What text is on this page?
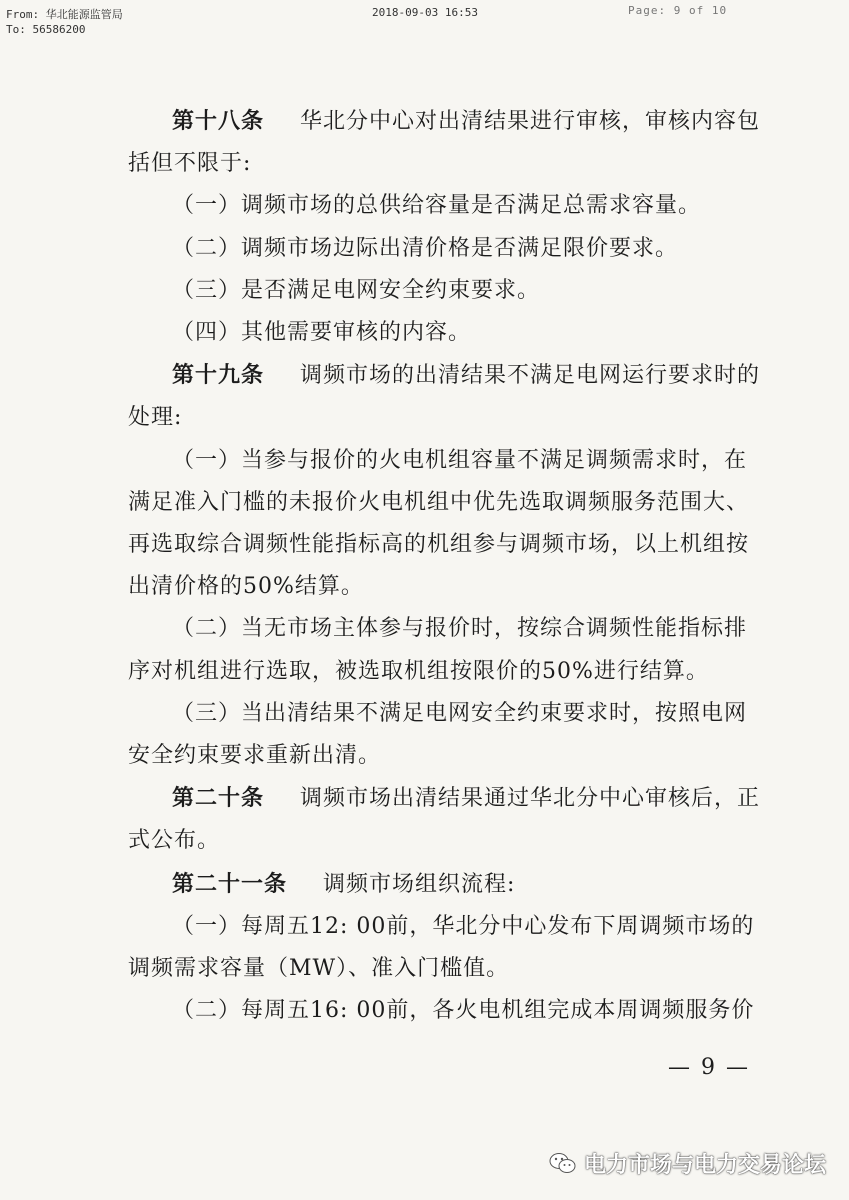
From: 华北能源监管局
To: 56586200
2018-09-03 16:53	Page: 9 of 10

第十八条 华北分中心对出清结果进行审核，审核内容包括但不限于:

（一）调频市场的总供给容量是否满足总需求容量。

（二）调频市场边际出清价格是否满足限价要求。

（三）是否满足电网安全约束要求。

（四）其他需要审核的内容。

第十九条 调频市场的出清结果不满足电网运行要求时的处理:

（一）当参与报价的火电机组容量不满足调频需求时，在满足准入门槛的未报价火电机组中优先选取调频服务范围大、再选取综合调频性能指标高的机组参与调频市场，以上机组按出清价格的50%结算。

（二）当无市场主体参与报价时，按综合调频性能指标排序对机组进行选取，被选取机组按限价的50%进行结算。

（三）当出清结果不满足电网安全约束要求时，按照电网安全约束要求重新出清。

第二十条 调频市场出清结果通过华北分中心审核后，正式公布。

第二十一条 调频市场组织流程:

（一）每周五12: 00前，华北分中心发布下周调频市场的调频需求容量（MW）、准入门槛值。

（二）每周五16: 00前，各火电机组完成本周调频服务价

— 9 —
电力市场与电力交易论坛
